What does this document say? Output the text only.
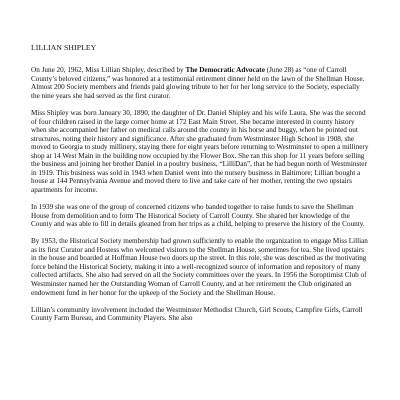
LILLIAN SHIPLEY

On June 20, 1962, Miss Lillian Shipley, described by The Democratic Advocate (June 28) as “one of Carroll County’s beloved citizens,” was honored at a testimonial retirement dinner held on the lawn of the Shellman House. Almost 200 Society members and friends paid glowing tribute to her for her long service to the Society, especially the nine years she had served as the first curator.

Miss Shipley was born January 30, 1890, the daughter of Dr. Daniel Shipley and his wife Laura. She was the second of four children raised in the large corner home at 172 East Main Street. She became interested in county history when she accompanied her father on medical calls around the county in his horse and buggy, when he pointed out structures, noting their history and significance. After she graduated from Westminster High School in 1908, she moved to Georgia to study millinery, staying there for eight years before returning to Westminster to open a millinery shop at 14 West Main in the building now occupied by the Flower Box. She ran this shop for 11 years before selling the business and joining her brother Daniel in a poultry business, “LilliDan”, that he had begun north of Westminster in 1919. This business was sold in 1943 when Daniel went into the nursery business in Baltimore; Lillian bought a house at 144 Pennsylvania Avenue and moved there to live and take care of her mother, renting the two upstairs apartments for income.

In 1939 she was one of the group of concerned citizens who banded together to raise funds to save the Shellman House from demolition and to form The Historical Society of Carroll County. She shared her knowledge of the County and was able to fill in details gleaned from her trips as a child, helping to preserve the history of the County.

By 1953, the Historical Society membership had grown sufficiently to enable the organization to engage Miss Lillian as its first Curator and Hostess who welcomed visitors to the Shellman House, sometimes for tea. She lived upstairs in the house and boarded at Hoffman House two doors up the street. In this role, she was described as the motivating force behind the Historical Society, making it into a well-recognized source of information and repository of many collected artifacts. She also had served on all the Society committees over the years. In 1956 the Soroptimist Club of Westminster named her the Outstanding Woman of Carroll County, and at her retirement the Club originated an endowment fund in her honor for the upkeep of the Society and the Shellman House.

Lillian’s community involvement included the Westminster Methodist Church, Girl Scouts, Campfire Girls, Carroll County Farm Bureau, and Community Players. She also
